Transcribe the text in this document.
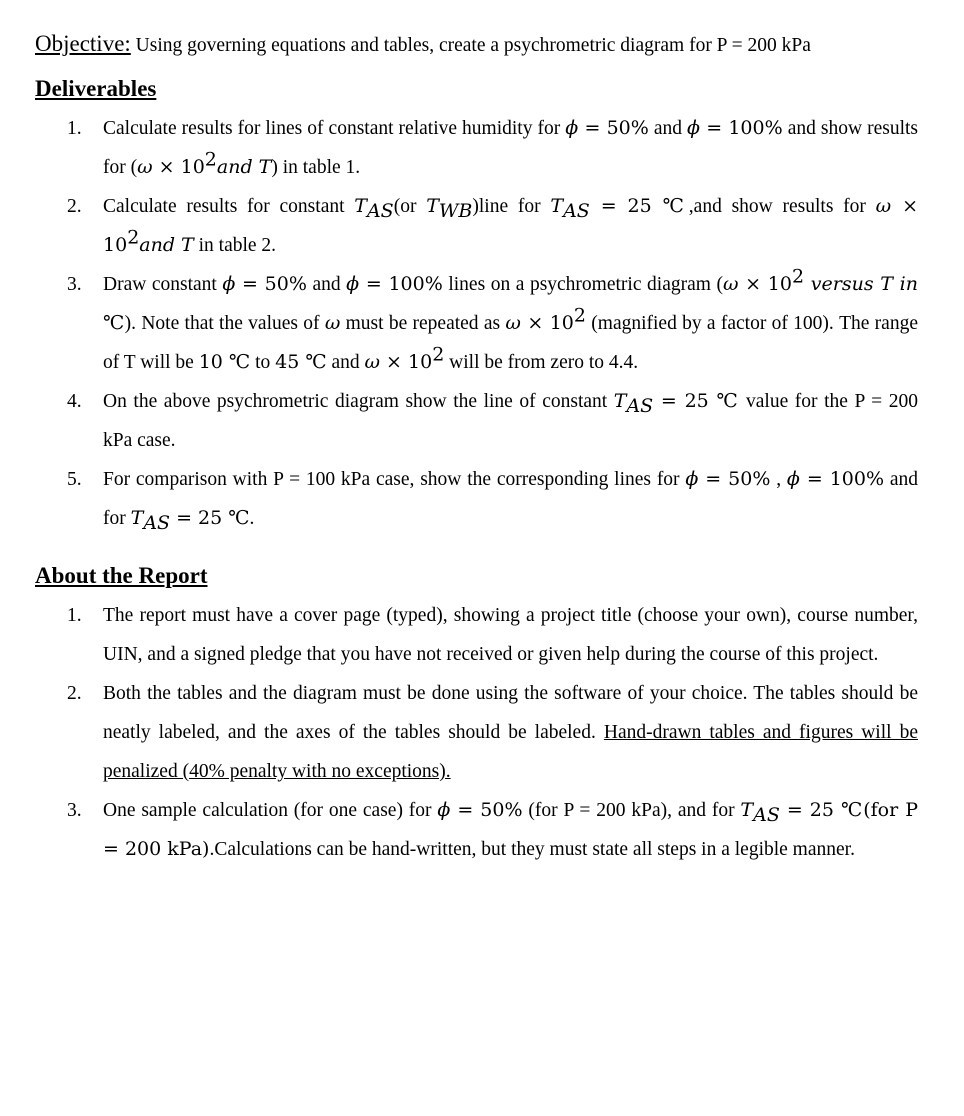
Objective: Using governing equations and tables, create a psychrometric diagram for P = 200 kPa

Deliverables
1. Calculate results for lines of constant relative humidity for ϕ = 50% and ϕ = 100% and show results for ($\omega \times 10^2and$ T) in table 1.
2. Calculate results for constant $T_{AS}(or$ $T_{WB})line$ for $T_{AS} = 25$ ℃,and show results for $\omega \times 10^2and$ T in table 2.
3. Draw constant ϕ = 50% and ϕ = 100% lines on a psychrometric diagram ($\omega \times 10^2$ versus T in ℃). Note that the values of ω must be repeated as $\omega \times 10^2$ (magnified by a factor of 100). The range of T will be 10 ℃ to 45 ℃ and $\omega \times 10^2$ will be from zero to 4.4.
4. On the above psychrometric diagram show the line of constant $T_{AS} = 25$ ℃ value for the P = 200 kPa case.
5. For comparison with P = 100 kPa case, show the corresponding lines for ϕ = 50% , ϕ = 100% and for $T_{AS} = 25$ ℃.
About the Report
1. The report must have a cover page (typed), showing a project title (choose your own), course number, UIN, and a signed pledge that you have not received or given help during the course of this project.
2. Both the tables and the diagram must be done using the software of your choice. The tables should be neatly labeled, and the axes of the tables should be labeled. Hand-drawn tables and figures will be penalized (40% penalty with no exceptions).
3. One sample calculation (for one case) for ϕ = 50% (for P = 200 kPa), and for $T_{AS} = 25$ ℃(for P = 200 kPa).Calculations can be hand-written, but they must state all steps in a legible manner.
